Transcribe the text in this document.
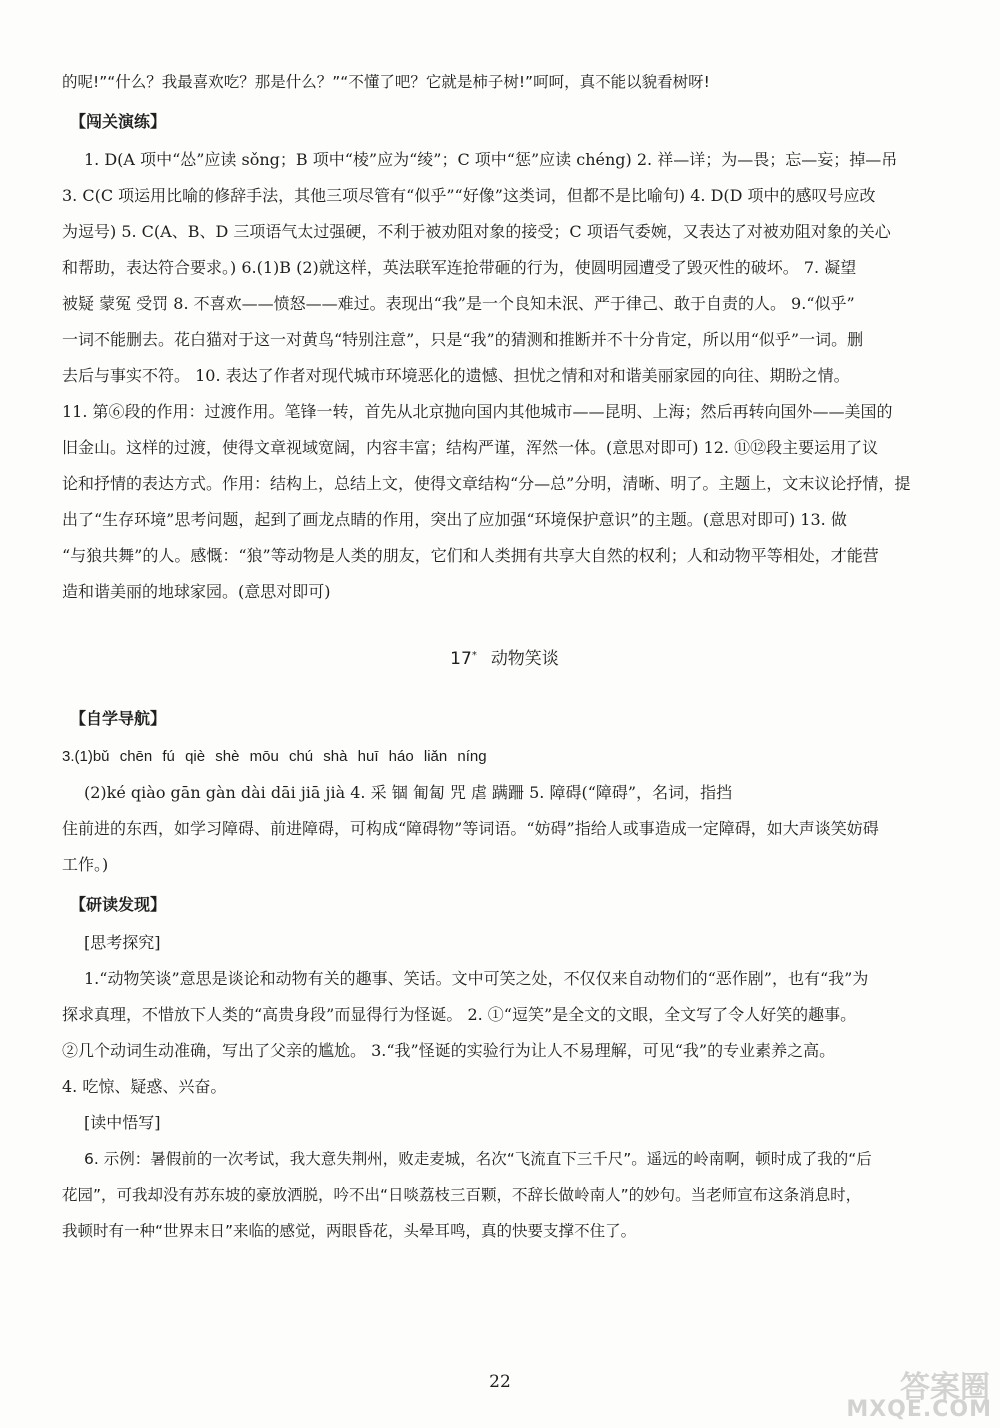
的呢!”“什么？我最喜欢吃？那是什么？”“不懂了吧？它就是柿子树!”呵呵，真不能以貌看树呀!
【闯关演练】
1. D(A 项中“怂”应读 sǒng；B 项中“棱”应为“绫”；C 项中“惩”应读 chéng) 2. 祥—详；为—畏；忘—妄；掉—吊
3. C(C 项运用比喻的修辞手法，其他三项尽管有“似乎”“好像”这类词，但都不是比喻句) 4. D(D 项中的感叹号应改
为逗号) 5. C(A、B、D 三项语气太过强硬，不利于被劝阻对象的接受；C 项语气委婉，又表达了对被劝阻对象的关心
和帮助，表达符合要求。) 6.(1)B (2)就这样，英法联军连抢带砸的行为，使圆明园遭受了毁灭性的破坏。 7. 凝望
被疑 蒙冤 受罚 8. 不喜欢——愤怒——难过。表现出“我”是一个良知未泯、严于律己、敢于自责的人。 9.“似乎”
一词不能删去。花白猫对于这一对黄鸟“特别注意”，只是“我”的猜测和推断并不十分肯定，所以用“似乎”一词。删
去后与事实不符。 10. 表达了作者对现代城市环境恶化的遗憾、担忧之情和对和谐美丽家园的向往、期盼之情。
11. 第⑥段的作用：过渡作用。笔锋一转，首先从北京抛向国内其他城市——昆明、上海；然后再转向国外——美国的
旧金山。这样的过渡，使得文章视域宽阔，内容丰富；结构严谨，浑然一体。(意思对即可) 12. ⑪⑫段主要运用了议
论和抒情的表达方式。作用：结构上，总结上文，使得文章结构“分—总”分明，清晰、明了。主题上，文末议论抒情，提
出了“生存环境”思考问题，起到了画龙点睛的作用，突出了应加强“环境保护意识”的主题。(意思对即可) 13. 做
“与狼共舞”的人。感慨：“狼”等动物是人类的朋友，它们和人类拥有共享大自然的权利；人和动物平等相处，才能营
造和谐美丽的地球家园。(意思对即可)
17* 动物笑谈
【自学导航】
3.(1)bǔ chēn fú qiè shè mōu chú shà huī háo liǎn níng
(2)ké qiào gān gàn dài dāi jiā jià 4. 采 锢 匍匐 咒 虐 蹒跚 5. 障碍(“障碍”，名词，指挡
住前进的东西，如学习障碍、前进障碍，可构成“障碍物”等词语。“妨碍”指给人或事造成一定障碍，如大声谈笑妨碍
工作。)
【研读发现】
[思考探究]
1.“动物笑谈”意思是谈论和动物有关的趣事、笑话。文中可笑之处，不仅仅来自动物们的“恶作剧”，也有“我”为
探求真理，不惜放下人类的“高贵身段”而显得行为怪诞。 2. ①“逗笑”是全文的文眼，全文写了令人好笑的趣事。
②几个动词生动准确，写出了父亲的尴尬。 3.“我”怪诞的实验行为让人不易理解，可见“我”的专业素养之高。
4. 吃惊、疑惑、兴奋。
[读中悟写]
6. 示例：暑假前的一次考试，我大意失荆州，败走麦城，名次“飞流直下三千尺”。遥远的岭南啊，顿时成了我的“后
花园”，可我却没有苏东坡的豪放洒脱，吟不出“日啖荔枝三百颗，不辞长做岭南人”的妙句。当老师宣布这条消息时，
我顿时有一种“世界末日”来临的感觉，两眼昏花，头晕耳鸣，真的快要支撑不住了。
22	答案圈
MXQE.COM
